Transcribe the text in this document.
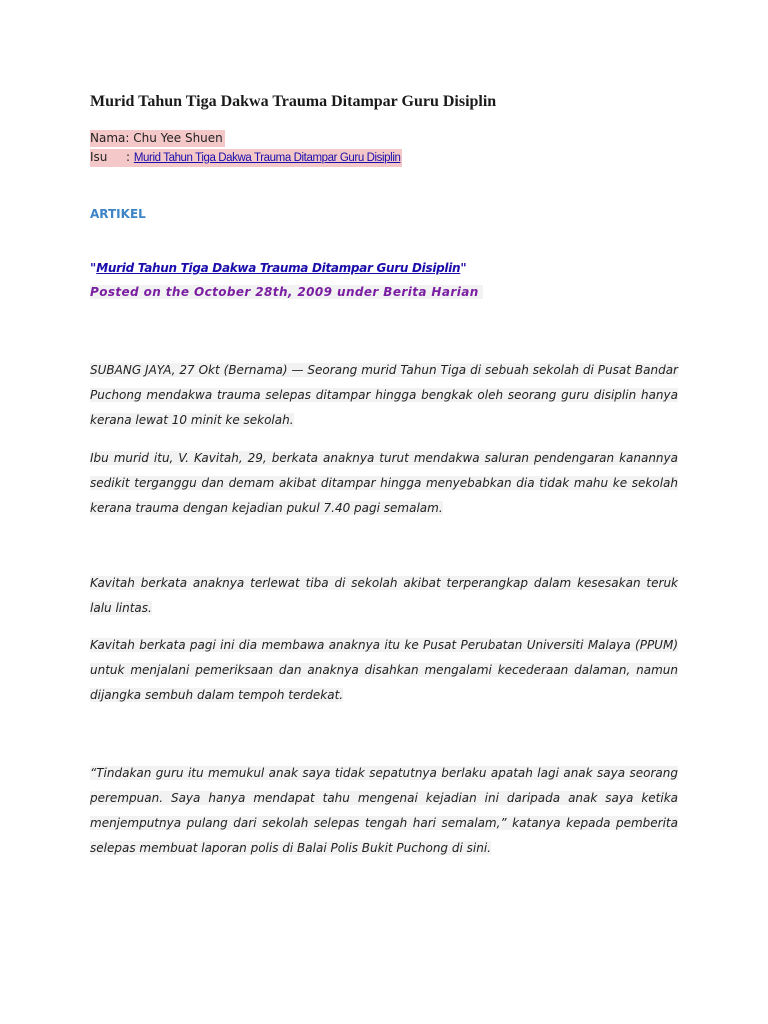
Murid Tahun Tiga Dakwa Trauma Ditampar Guru Disiplin
Nama: Chu Yee Shuen
Isu : Murid Tahun Tiga Dakwa Trauma Ditampar Guru Disiplin
ARTIKEL
"Murid Tahun Tiga Dakwa Trauma Ditampar Guru Disiplin"
Posted on the October 28th, 2009 under Berita Harian

SUBANG JAYA, 27 Okt (Bernama) — Seorang murid Tahun Tiga di sebuah sekolah di Pusat Bandar Puchong mendakwa trauma selepas ditampar hingga bengkak oleh seorang guru disiplin hanya kerana lewat 10 minit ke sekolah.

Ibu murid itu, V. Kavitah, 29, berkata anaknya turut mendakwa saluran pendengaran kanannya sedikit terganggu dan demam akibat ditampar hingga menyebabkan dia tidak mahu ke sekolah kerana trauma dengan kejadian pukul 7.40 pagi semalam.

Kavitah berkata anaknya terlewat tiba di sekolah akibat terperangkap dalam kesesakan teruk lalu lintas.

Kavitah berkata pagi ini dia membawa anaknya itu ke Pusat Perubatan Universiti Malaya (PPUM) untuk menjalani pemeriksaan dan anaknya disahkan mengalami kecederaan dalaman, namun dijangka sembuh dalam tempoh terdekat.

“Tindakan guru itu memukul anak saya tidak sepatutnya berlaku apatah lagi anak saya seorang perempuan. Saya hanya mendapat tahu mengenai kejadian ini daripada anak saya ketika menjemputnya pulang dari sekolah selepas tengah hari semalam,” katanya kepada pemberita selepas membuat laporan polis di Balai Polis Bukit Puchong di sini.
